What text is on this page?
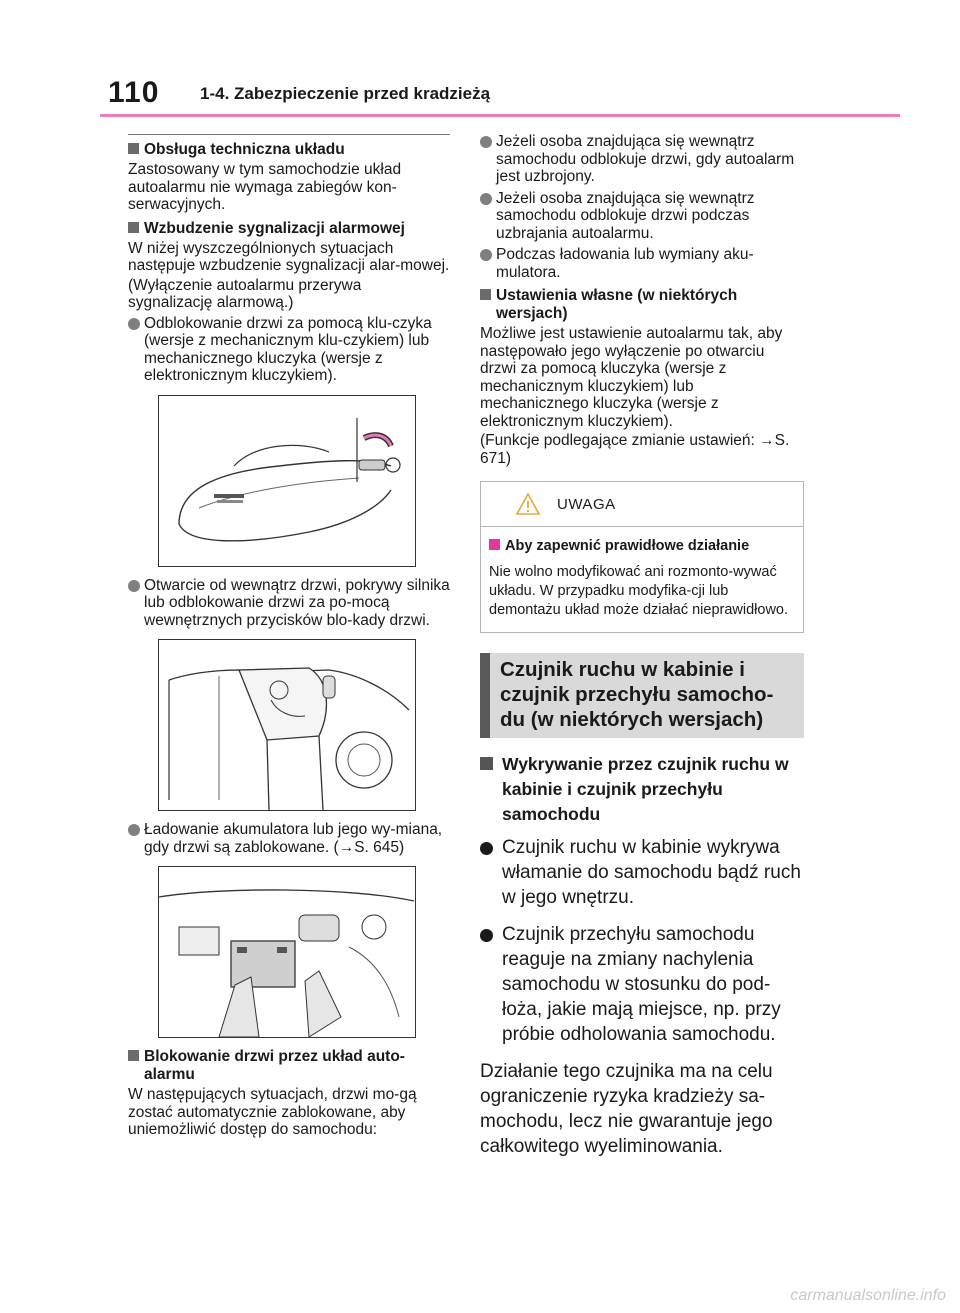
110 1-4. Zabezpieczenie przed kradzieżą
Obsługa techniczna układu

Zastosowany w tym samochodzie układ autoalarmu nie wymaga zabiegów kon-serwacyjnych.

Wzbudzenie sygnalizacji alarmowej

W niżej wyszczególnionych sytuacjach następuje wzbudzenie sygnalizacji alar-mowej.

(Wyłączenie autoalarmu przerywa sygnalizację alarmową.)

Odblokowanie drzwi za pomocą klu-czyka (wersje z mechanicznym klu-czykiem) lub mechanicznego kluczyka (wersje z elektronicznym kluczykiem).
Otwarcie od wewnątrz drzwi, pokrywy silnika lub odblokowanie drzwi za po-mocą wewnętrznych przycisków blo-kady drzwi.
Ładowanie akumulatora lub jego wy-miana, gdy drzwi są zablokowane. (→S. 645)
Blokowanie drzwi przez układ auto-alarmu

W następujących sytuacjach, drzwi mo-gą zostać automatycznie zablokowane, aby uniemożliwić dostęp do samochodu:

Jeżeli osoba znajdująca się wewnątrz samochodu odblokuje drzwi, gdy autoalarm jest uzbrojony.
Jeżeli osoba znajdująca się wewnątrz samochodu odblokuje drzwi podczas uzbrajania autoalarmu.
Podczas ładowania lub wymiany aku-mulatora.
Ustawienia własne (w niektórych wersjach)

Możliwe jest ustawienie autoalarmu tak, aby następowało jego wyłączenie po otwarciu drzwi za pomocą kluczyka (wersje z mechanicznym kluczykiem) lub mechanicznego kluczyka (wersje z elektronicznym kluczykiem).

(Funkcje podlegające zmianie ustawień: →S. 671)

UWAGA
Aby zapewnić prawidłowe działanie
Nie wolno modyfikować ani rozmonto-wywać układu. W przypadku modyfika-cji lub demontażu układ może działać nieprawidłowo.
Czujnik ruchu w kabinie i czujnik przechyłu samocho-du (w niektórych wersjach)
Wykrywanie przez czujnik ruchu w kabinie i czujnik przechyłu samochodu
Czujnik ruchu w kabinie wykrywa włamanie do samochodu bądź ruch w jego wnętrzu.
Czujnik przechyłu samochodu reaguje na zmiany nachylenia samochodu w stosunku do pod-łoża, jakie mają miejsce, np. przy próbie odholowania samochodu.

Działanie tego czujnika ma na celu ograniczenie ryzyka kradzieży sa-mochodu, lecz nie gwarantuje jego całkowitego wyeliminowania.

carmanualsonline.info
